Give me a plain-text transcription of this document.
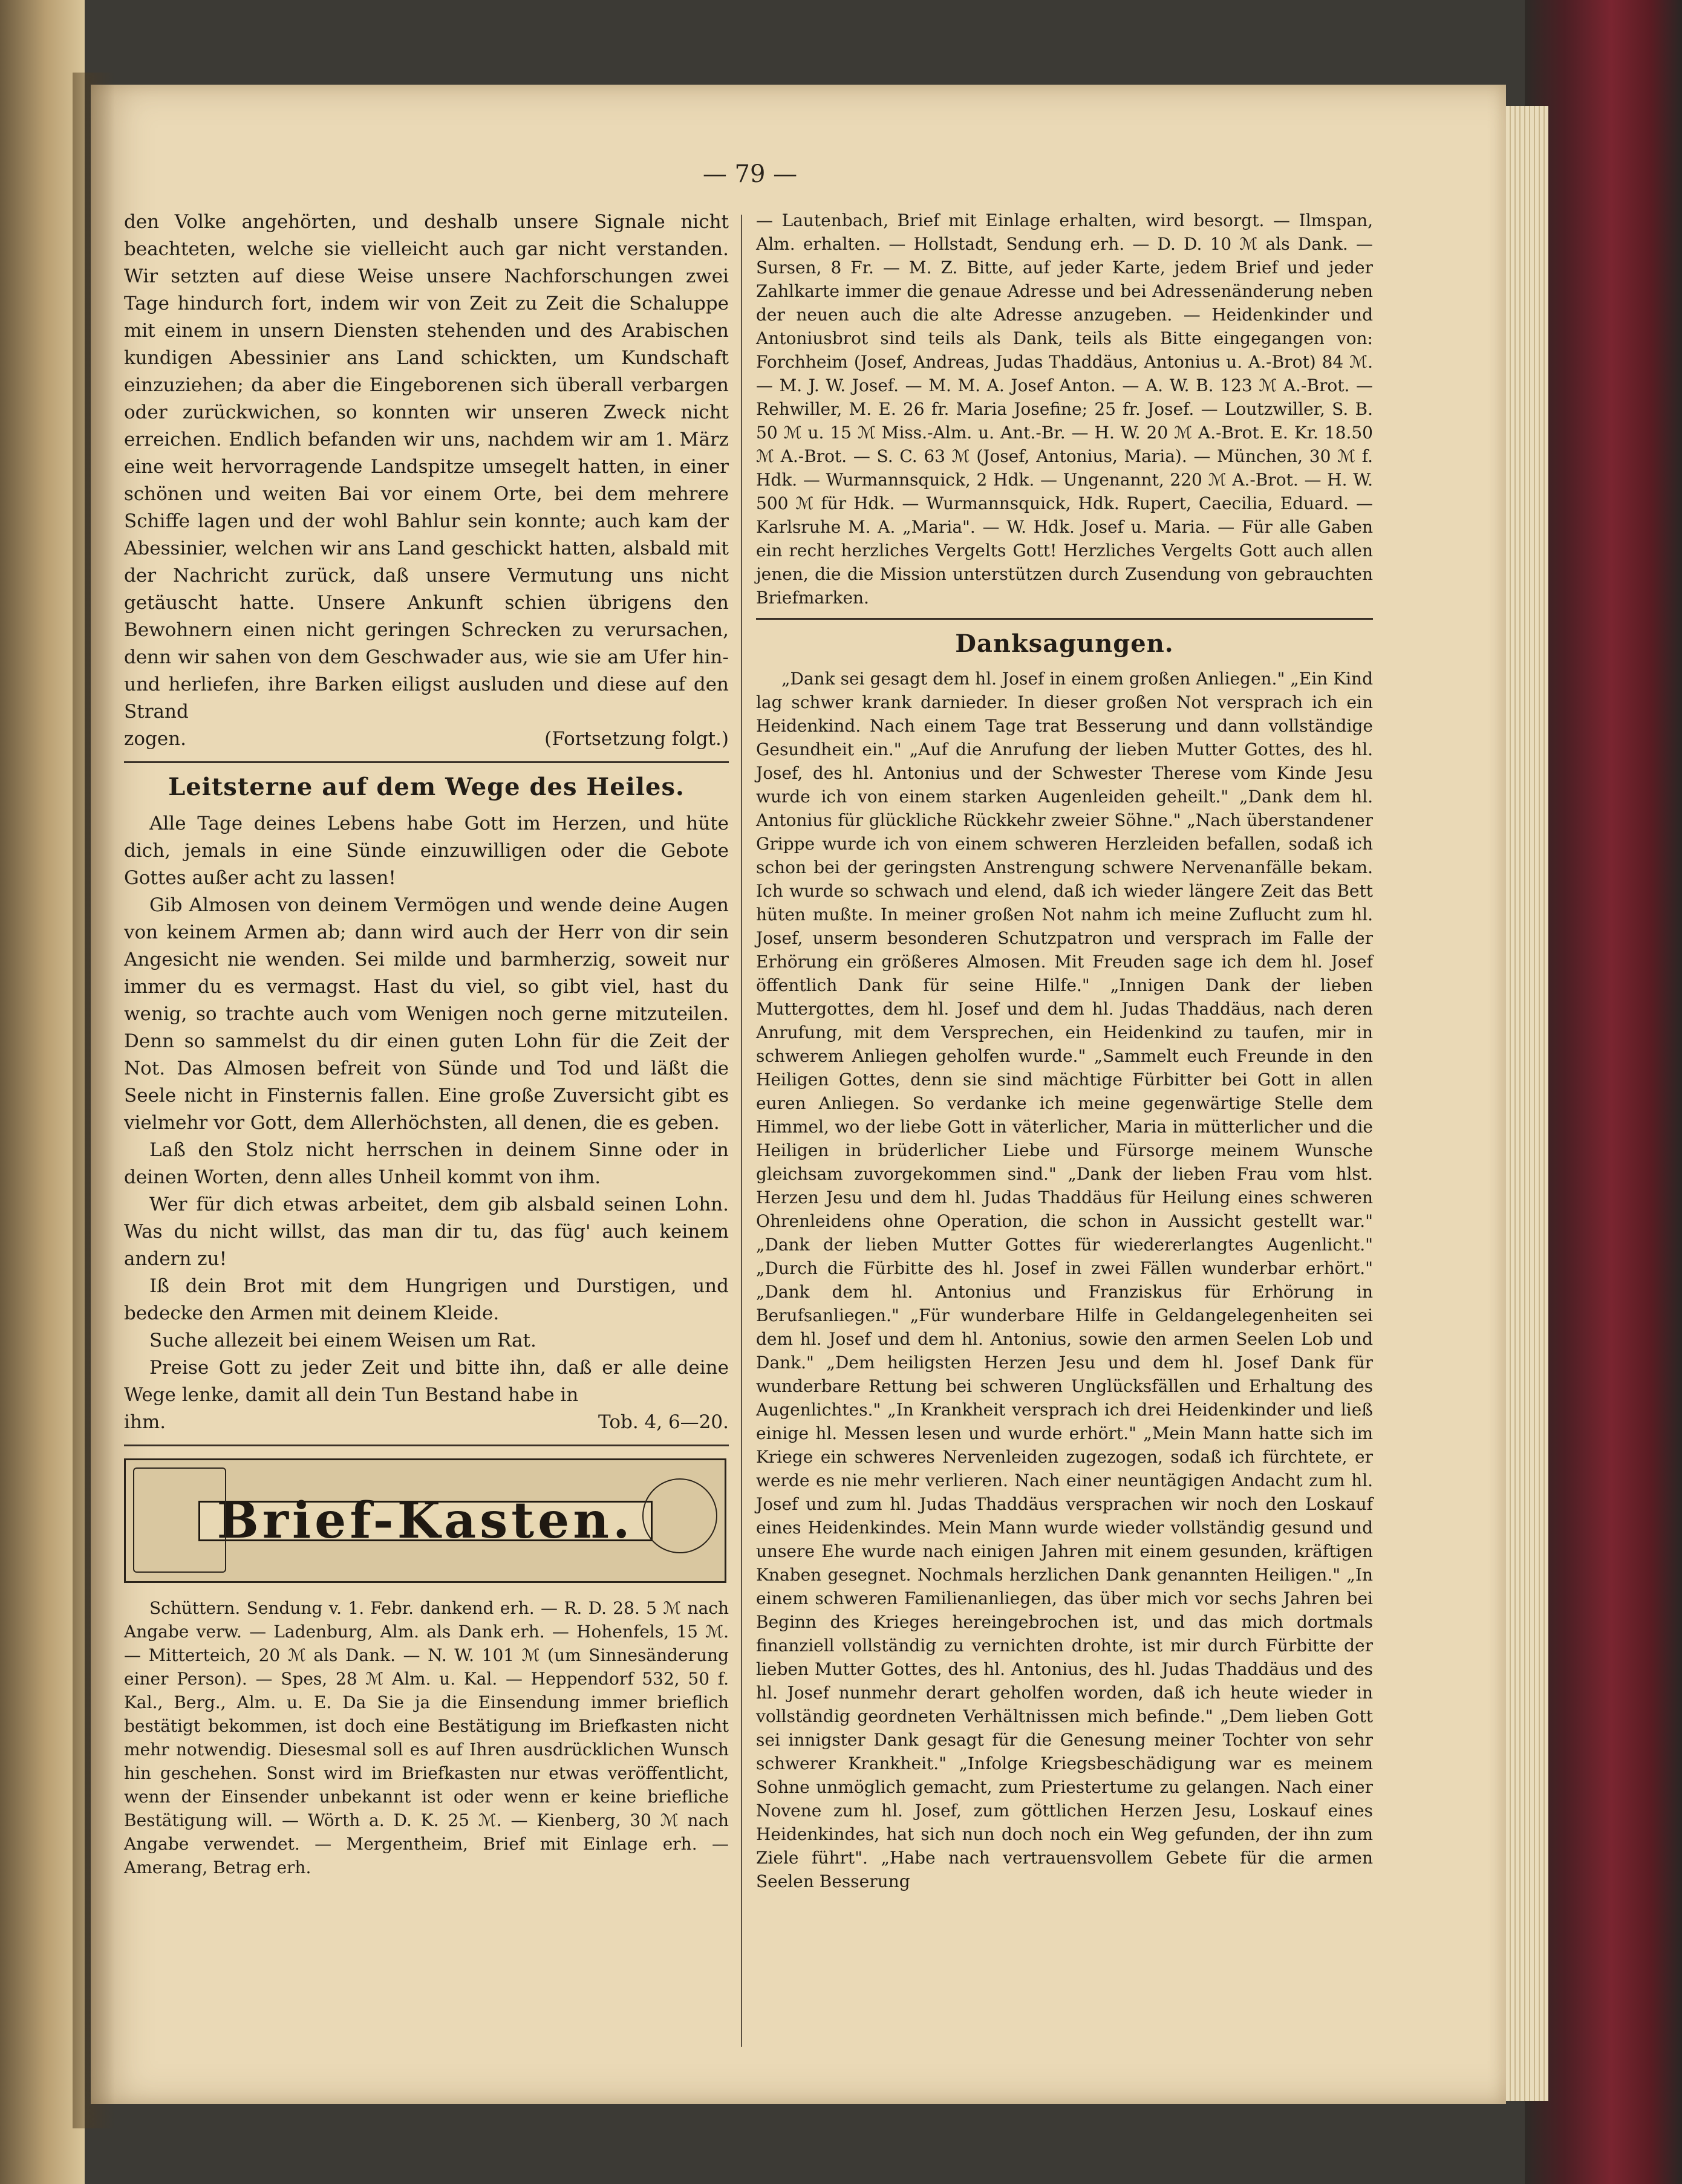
— 79 —

den Volke angehörten, und deshalb unsere Signale nicht beachteten, welche sie vielleicht auch gar nicht verstanden. Wir setzten auf diese Weise unsere Nachforschungen zwei Tage hindurch fort, indem wir von Zeit zu Zeit die Schaluppe mit einem in unsern Diensten stehenden und des Arabischen kundigen Abessinier ans Land schickten, um Kundschaft einzuziehen; da aber die Eingeborenen sich überall verbargen oder zurückwichen, so konnten wir unseren Zweck nicht erreichen. Endlich befanden wir uns, nachdem wir am 1. März eine weit hervorragende Landspitze umsegelt hatten, in einer schönen und weiten Bai vor einem Orte, bei dem mehrere Schiffe lagen und der wohl Bahlur sein konnte; auch kam der Abessinier, welchen wir ans Land geschickt hatten, alsbald mit der Nachricht zurück, daß unsere Vermutung uns nicht getäuscht hatte. Unsere Ankunft schien übrigens den Bewohnern einen nicht geringen Schrecken zu verursachen, denn wir sahen von dem Geschwader aus, wie sie am Ufer hin- und herliefen, ihre Barken eiligst ausluden und diese auf den Strand

zogen.	(Fortsetzung folgt.)
Leitsterne auf dem Wege des Heiles.

Alle Tage deines Lebens habe Gott im Herzen, und hüte dich, jemals in eine Sünde einzuwilligen oder die Gebote Gottes außer acht zu lassen!

Gib Almosen von deinem Vermögen und wende deine Augen von keinem Armen ab; dann wird auch der Herr von dir sein Angesicht nie wenden. Sei milde und barmherzig, soweit nur immer du es vermagst. Hast du viel, so gibt viel, hast du wenig, so trachte auch vom Wenigen noch gerne mitzuteilen. Denn so sammelst du dir einen guten Lohn für die Zeit der Not. Das Almosen befreit von Sünde und Tod und läßt die Seele nicht in Finsternis fallen. Eine große Zuversicht gibt es vielmehr vor Gott, dem Allerhöchsten, all denen, die es geben.

Laß den Stolz nicht herrschen in deinem Sinne oder in deinen Worten, denn alles Unheil kommt von ihm.

Wer für dich etwas arbeitet, dem gib alsbald seinen Lohn. Was du nicht willst, das man dir tu, das füg' auch keinem andern zu!

Iß dein Brot mit dem Hungrigen und Durstigen, und bedecke den Armen mit deinem Kleide.

Suche allezeit bei einem Weisen um Rat.

Preise Gott zu jeder Zeit und bitte ihn, daß er alle deine Wege lenke, damit all dein Tun Bestand habe in

ihm.	Tob. 4, 6—20.
Brief-Kasten.

Schüttern. Sendung v. 1. Febr. dankend erh. — R. D. 28. 5 ℳ nach Angabe verw. — Ladenburg, Alm. als Dank erh. — Hohenfels, 15 ℳ. — Mitterteich, 20 ℳ als Dank. — N. W. 101 ℳ (um Sinnesänderung einer Person). — Spes, 28 ℳ Alm. u. Kal. — Heppendorf 532, 50 f. Kal., Berg., Alm. u. E. Da Sie ja die Einsendung immer brieflich bestätigt bekommen, ist doch eine Bestätigung im Briefkasten nicht mehr notwendig. Diesesmal soll es auf Ihren ausdrücklichen Wunsch hin geschehen. Sonst wird im Briefkasten nur etwas veröffentlicht, wenn der Einsender unbekannt ist oder wenn er keine briefliche Bestätigung will. — Wörth a. D. K. 25 ℳ. — Kienberg, 30 ℳ nach Angabe verwendet. — Mergentheim, Brief mit Einlage erh. — Amerang, Betrag erh.

— Lautenbach, Brief mit Einlage erhalten, wird besorgt. — Ilmspan, Alm. erhalten. — Hollstadt, Sendung erh. — D. D. 10 ℳ als Dank. — Sursen, 8 Fr. — M. Z. Bitte, auf jeder Karte, jedem Brief und jeder Zahlkarte immer die genaue Adresse und bei Adressenänderung neben der neuen auch die alte Adresse anzugeben. — Heidenkinder und Antoniusbrot sind teils als Dank, teils als Bitte eingegangen von: Forchheim (Josef, Andreas, Judas Thaddäus, Antonius u. A.-Brot) 84 ℳ. — M. J. W. Josef. — M. M. A. Josef Anton. — A. W. B. 123 ℳ A.-Brot. — Rehwiller, M. E. 26 fr. Maria Josefine; 25 fr. Josef. — Loutzwiller, S. B. 50 ℳ u. 15 ℳ Miss.-Alm. u. Ant.-Br. — H. W. 20 ℳ A.-Brot. E. Kr. 18.50 ℳ A.-Brot. — S. C. 63 ℳ (Josef, Antonius, Maria). — München, 30 ℳ f. Hdk. — Wurmannsquick, 2 Hdk. — Ungenannt, 220 ℳ A.-Brot. — H. W. 500 ℳ für Hdk. — Wurmannsquick, Hdk. Rupert, Caecilia, Eduard. — Karlsruhe M. A. „Maria". — W. Hdk. Josef u. Maria. — Für alle Gaben ein recht herzliches Vergelts Gott! Herzliches Vergelts Gott auch allen jenen, die die Mission unterstützen durch Zusendung von gebrauchten Briefmarken.

Danksagungen.

„Dank sei gesagt dem hl. Josef in einem großen Anliegen." „Ein Kind lag schwer krank darnieder. In dieser großen Not versprach ich ein Heidenkind. Nach einem Tage trat Besserung und dann vollständige Gesundheit ein." „Auf die Anrufung der lieben Mutter Gottes, des hl. Josef, des hl. Antonius und der Schwester Therese vom Kinde Jesu wurde ich von einem starken Augenleiden geheilt." „Dank dem hl. Antonius für glückliche Rückkehr zweier Söhne." „Nach überstandener Grippe wurde ich von einem schweren Herzleiden befallen, sodaß ich schon bei der geringsten Anstrengung schwere Nervenanfälle bekam. Ich wurde so schwach und elend, daß ich wieder längere Zeit das Bett hüten mußte. In meiner großen Not nahm ich meine Zuflucht zum hl. Josef, unserm besonderen Schutzpatron und versprach im Falle der Erhörung ein größeres Almosen. Mit Freuden sage ich dem hl. Josef öffentlich Dank für seine Hilfe." „Innigen Dank der lieben Muttergottes, dem hl. Josef und dem hl. Judas Thaddäus, nach deren Anrufung, mit dem Versprechen, ein Heidenkind zu taufen, mir in schwerem Anliegen geholfen wurde." „Sammelt euch Freunde in den Heiligen Gottes, denn sie sind mächtige Fürbitter bei Gott in allen euren Anliegen. So verdanke ich meine gegenwärtige Stelle dem Himmel, wo der liebe Gott in väterlicher, Maria in mütterlicher und die Heiligen in brüderlicher Liebe und Fürsorge meinem Wunsche gleichsam zuvorgekommen sind." „Dank der lieben Frau vom hlst. Herzen Jesu und dem hl. Judas Thaddäus für Heilung eines schweren Ohrenleidens ohne Operation, die schon in Aussicht gestellt war." „Dank der lieben Mutter Gottes für wiedererlangtes Augenlicht." „Durch die Fürbitte des hl. Josef in zwei Fällen wunderbar erhört." „Dank dem hl. Antonius und Franziskus für Erhörung in Berufsanliegen." „Für wunderbare Hilfe in Geldangelegenheiten sei dem hl. Josef und dem hl. Antonius, sowie den armen Seelen Lob und Dank." „Dem heiligsten Herzen Jesu und dem hl. Josef Dank für wunderbare Rettung bei schweren Unglücksfällen und Erhaltung des Augenlichtes." „In Krankheit versprach ich drei Heidenkinder und ließ einige hl. Messen lesen und wurde erhört." „Mein Mann hatte sich im Kriege ein schweres Nervenleiden zugezogen, sodaß ich fürchtete, er werde es nie mehr verlieren. Nach einer neuntägigen Andacht zum hl. Josef und zum hl. Judas Thaddäus versprachen wir noch den Loskauf eines Heidenkindes. Mein Mann wurde wieder vollständig gesund und unsere Ehe wurde nach einigen Jahren mit einem gesunden, kräftigen Knaben gesegnet. Nochmals herzlichen Dank genannten Heiligen." „In einem schweren Familienanliegen, das über mich vor sechs Jahren bei Beginn des Krieges hereingebrochen ist, und das mich dortmals finanziell vollständig zu vernichten drohte, ist mir durch Fürbitte der lieben Mutter Gottes, des hl. Antonius, des hl. Judas Thaddäus und des hl. Josef nunmehr derart geholfen worden, daß ich heute wieder in vollständig geordneten Verhältnissen mich befinde." „Dem lieben Gott sei innigster Dank gesagt für die Genesung meiner Tochter von sehr schwerer Krankheit." „Infolge Kriegsbeschädigung war es meinem Sohne unmöglich gemacht, zum Priestertume zu gelangen. Nach einer Novene zum hl. Josef, zum göttlichen Herzen Jesu, Loskauf eines Heidenkindes, hat sich nun doch noch ein Weg gefunden, der ihn zum Ziele führt". „Habe nach vertrauensvollem Gebete für die armen Seelen Besserung
